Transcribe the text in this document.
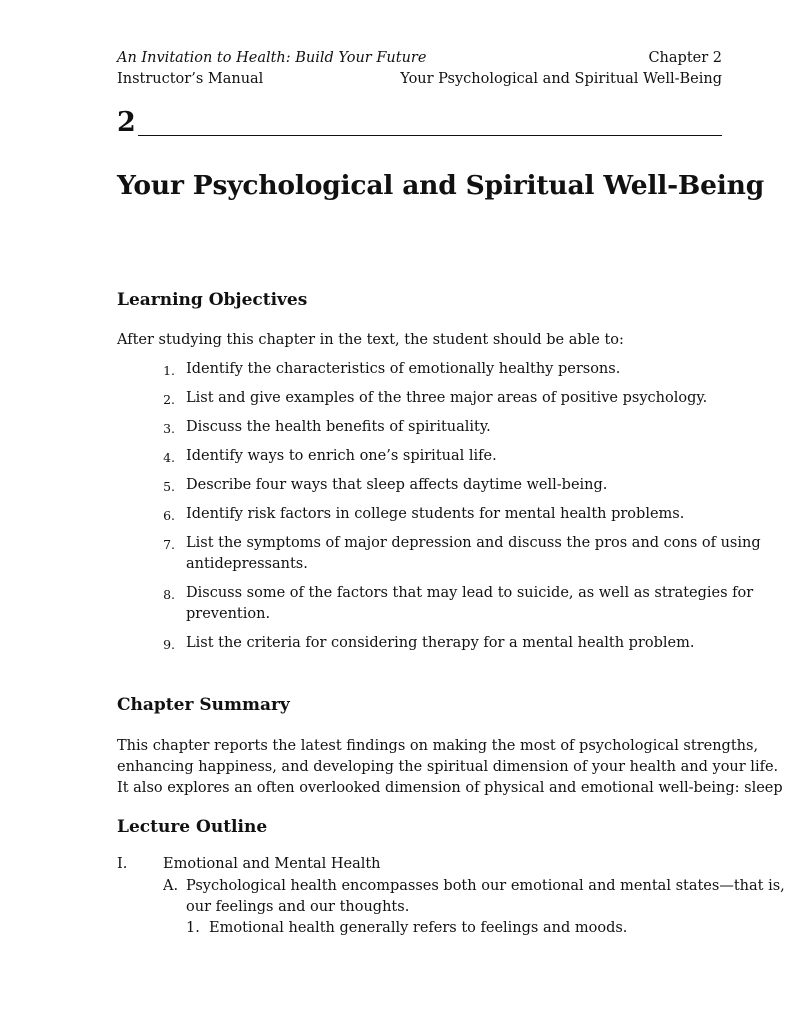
An Invitation to Health: Build Your Future	Chapter 2
Instructor’s Manual	Your Psychological and Spiritual Well-Being
2
Your Psychological and Spiritual Well-Being
Learning Objectives
After studying this chapter in the text, the student should be able to:
1. Identify the characteristics of emotionally healthy persons.
2. List and give examples of the three major areas of positive psychology.
3. Discuss the health benefits of spirituality.
4. Identify ways to enrich one’s spiritual life.
5. Describe four ways that sleep affects daytime well-being.
6. Identify risk factors in college students for mental health problems.
7. List the symptoms of major depression and discuss the pros and cons of using
antidepressants.
8. Discuss some of the factors that may lead to suicide, as well as strategies for
prevention.
9. List the criteria for considering therapy for a mental health problem.
Chapter Summary
This chapter reports the latest findings on making the most of psychological strengths,
enhancing happiness, and developing the spiritual dimension of your health and your life.
It also explores an often overlooked dimension of physical and emotional well-being: sleep
Lecture Outline
I. Emotional and Mental Health
A. Psychological health encompasses both our emotional and mental states—that is,
our feelings and our thoughts.
1. Emotional health generally refers to feelings and moods.
